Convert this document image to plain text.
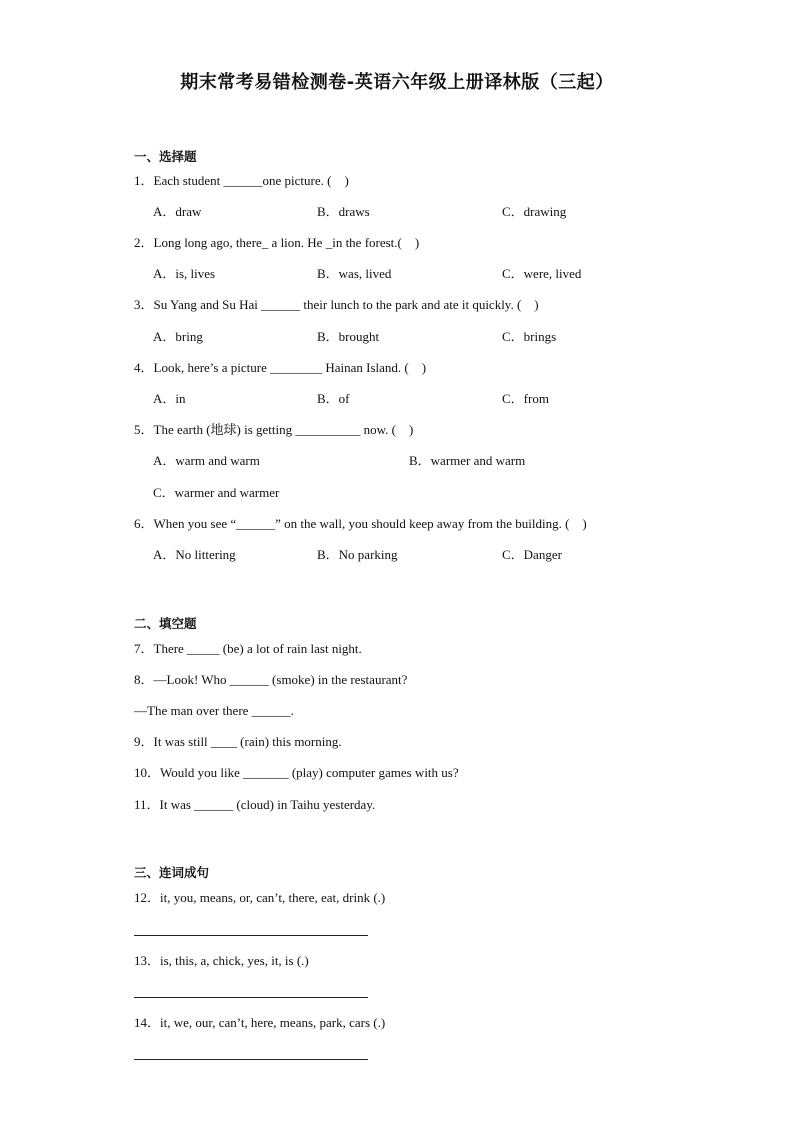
期末常考易错检测卷-英语六年级上册译林版（三起）
一、选择题
1．Each student ______one picture. (　)
A．draw	B．draws	C．drawing
2．Long long ago, there_ a lion. He _in the forest.(　)
A．is, lives	B．was, lived	C．were, lived
3．Su Yang and Su Hai ______ their lunch to the park and ate it quickly. (　)
A．bring	B．brought	C．brings
4．Look, here’s a picture ________ Hainan Island. (　)
A．in	B．of	C．from
5．The earth (地球) is getting __________ now. (　)
A．warm and warm	B．warmer and warm
C．warmer and warmer
6．When you see “______” on the wall, you should keep away from the building. (　)
A．No littering	B．No parking	C．Danger
二、填空题
7．There _____ (be) a lot of rain last night.
8．—Look! Who ______ (smoke) in the restaurant?
—The man over there ______.
9．It was still ____ (rain) this morning.
10．Would you like _______ (play) computer games with us?
11．It was ______ (cloud) in Taihu yesterday.
三、连词成句
12．it, you, means, or, can’t, there, eat, drink (.)
13．is, this, a, chick, yes, it, is (.)
14．it, we, our, can’t, here, means, park, cars (.)
